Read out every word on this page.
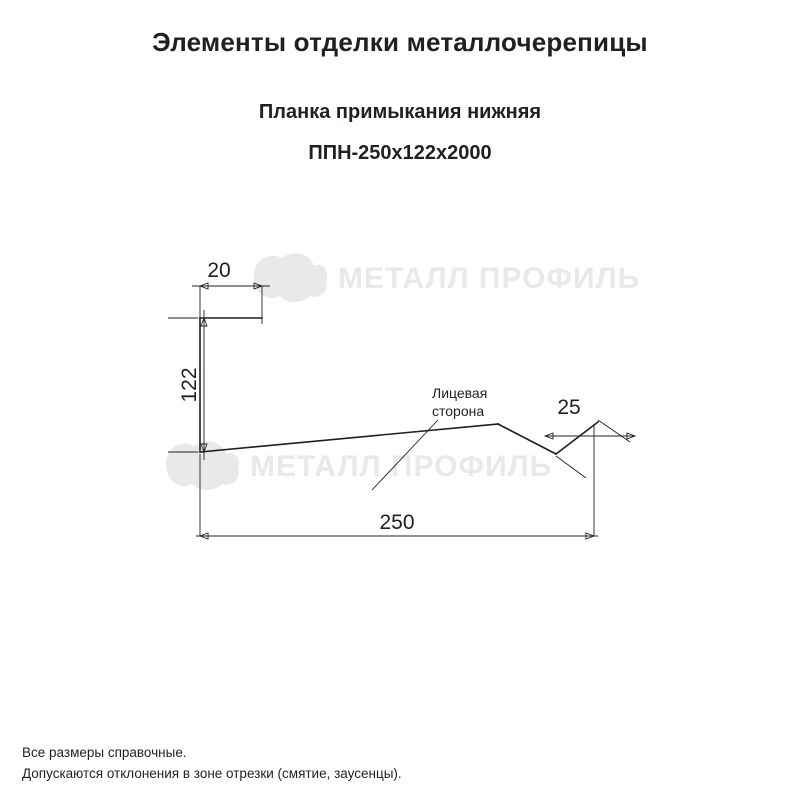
Элементы отделки металлочерепицы
Планка примыкания нижняя
ППН-250х122х2000
МЕТАЛЛ ПРОФИЛЬ
МЕТАЛЛ ПРОФИЛЬ
20
122
250
25
Лицевая
сторона
Все размеры справочные.
Допускаются отклонения в зоне отрезки (смятие, заусенцы).
